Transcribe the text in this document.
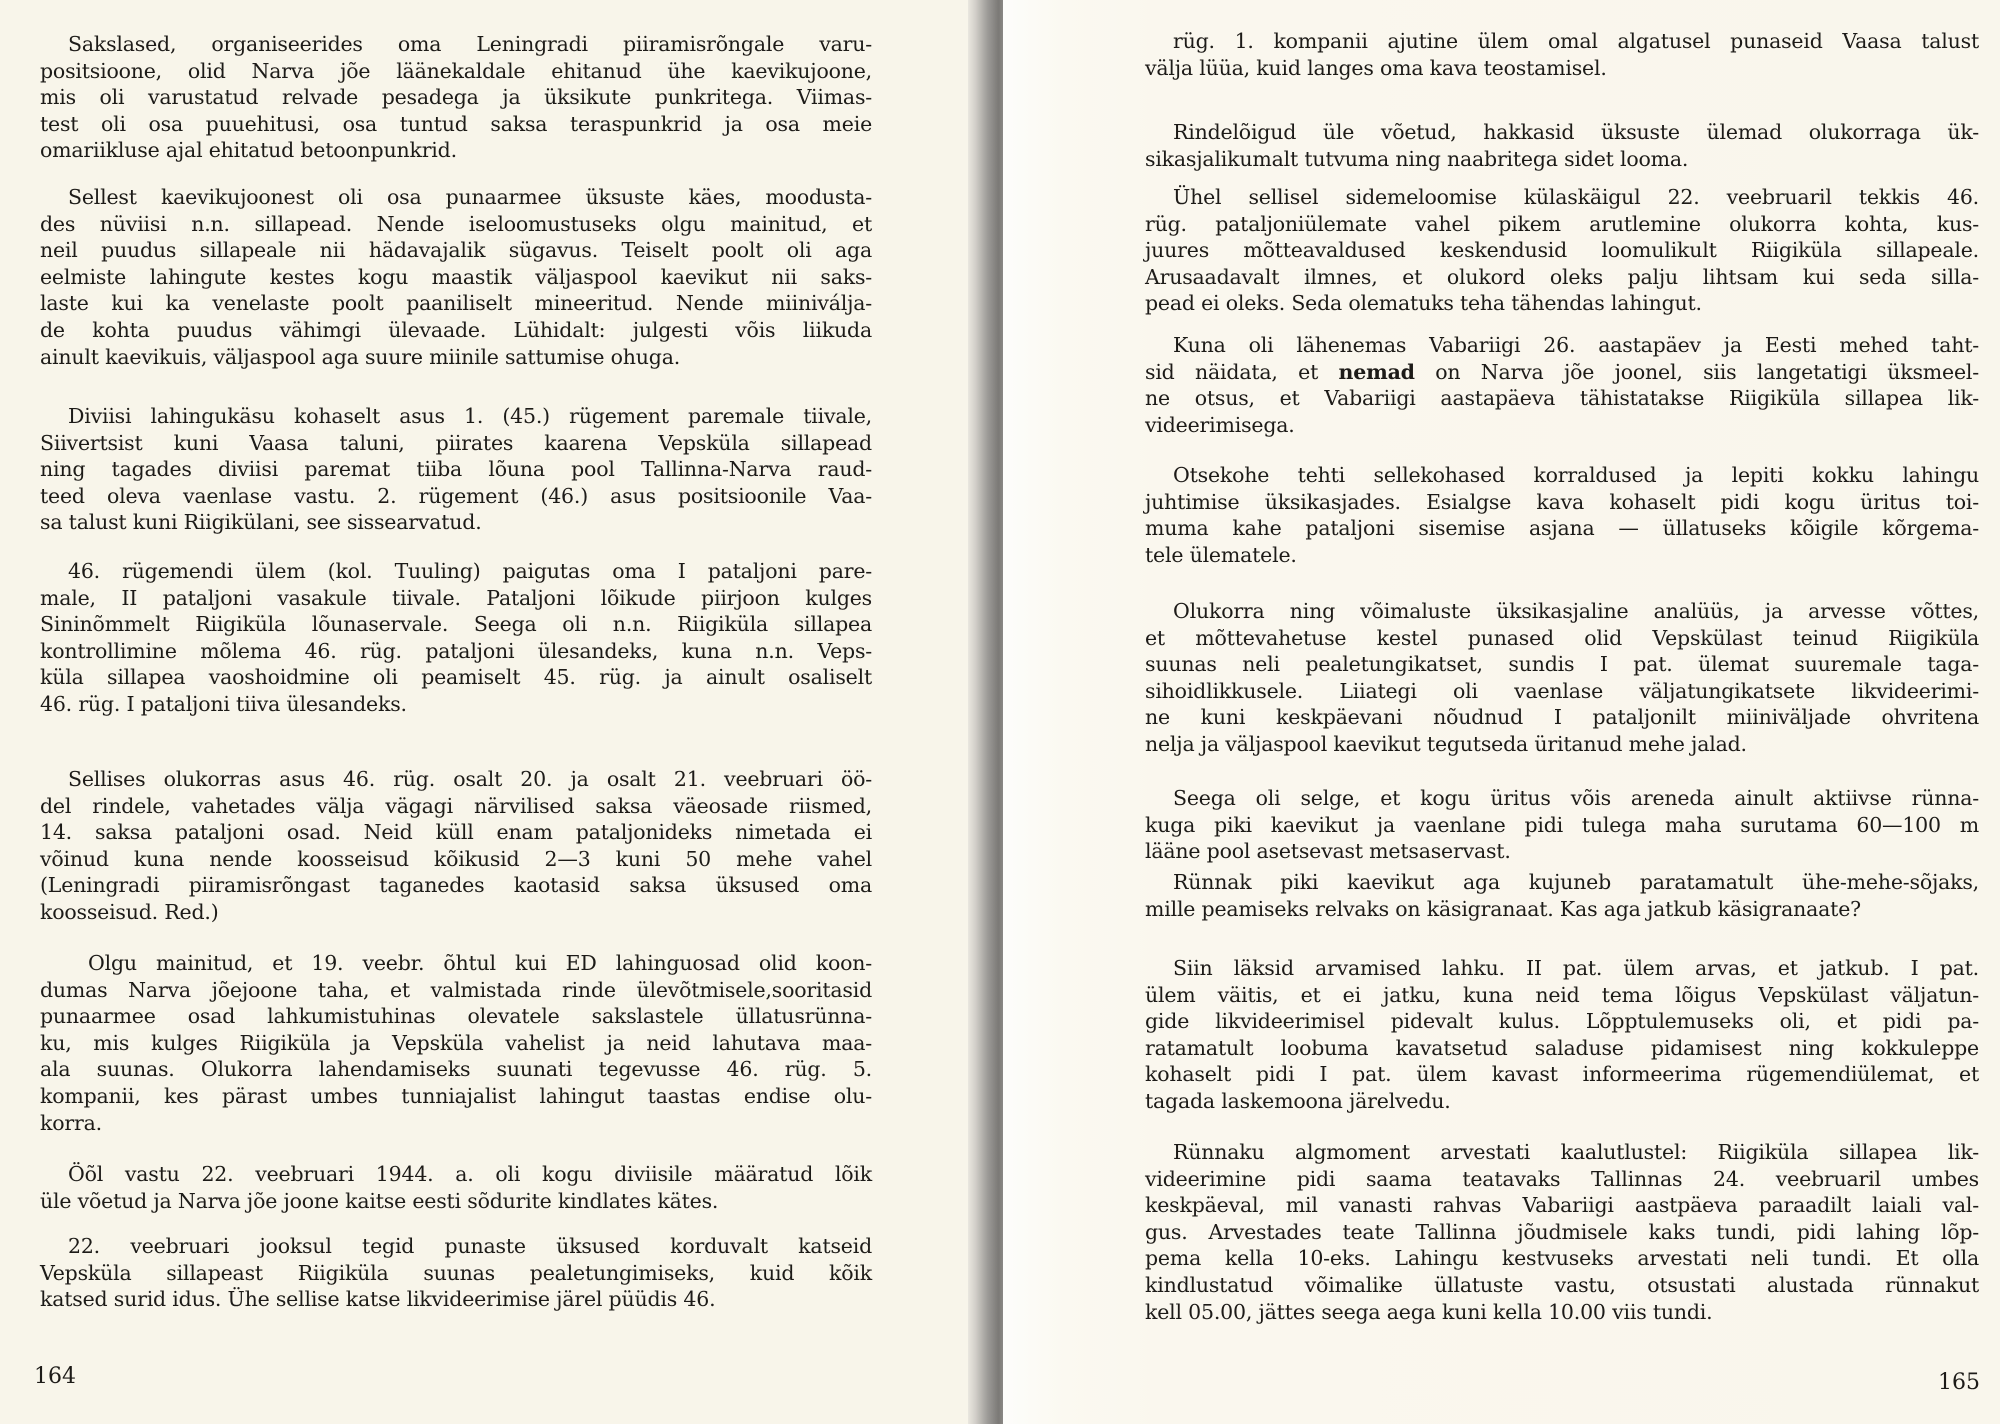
Sakslased, organiseerides oma Leningradi piiramisrõngale varu-
positsioone, olid Narva jõe läänekaldale ehitanud ühe kaevikujoone,
mis oli varustatud relvade pesadega ja üksikute punkritega. Viimas-
test oli osa puuehitusi, osa tuntud saksa teraspunkrid ja osa meie
omariikluse ajal ehitatud betoonpunkrid.
Sellest kaevikujoonest oli osa punaarmee üksuste käes, moodusta-
des nüviisi n.n. sillapead. Nende iseloomustuseks olgu mainitud, et
neil puudus sillapeale nii hädavajalik sügavus. Teiselt poolt oli aga
eelmiste lahingute kestes kogu maastik väljaspool kaevikut nii saks-
laste kui ka venelaste poolt paaniliselt mineeritud. Nende miiniválja-
de kohta puudus vähimgi ülevaade. Lühidalt: julgesti võis liikuda
ainult kaevikuis, väljaspool aga suure miinile sattumise ohuga.
Diviisi lahingukäsu kohaselt asus 1. (45.) rügement paremale tiivale,
Siivertsist kuni Vaasa taluni, piirates kaarena Vepsküla sillapead
ning tagades diviisi paremat tiiba lõuna pool Tallinna-Narva raud-
teed oleva vaenlase vastu. 2. rügement (46.) asus positsioonile Vaa-
sa talust kuni Riigikülani, see sissearvatud.
46. rügemendi ülem (kol. Tuuling) paigutas oma I pataljoni pare-
male, II pataljoni vasakule tiivale. Pataljoni lõikude piirjoon kulges
Sininõmmelt Riigiküla lõunaservale. Seega oli n.n. Riigiküla sillapea
kontrollimine mõlema 46. rüg. pataljoni ülesandeks, kuna n.n. Veps-
küla sillapea vaoshoidmine oli peamiselt 45. rüg. ja ainult osaliselt
46. rüg. I pataljoni tiiva ülesandeks.
Sellises olukorras asus 46. rüg. osalt 20. ja osalt 21. veebruari öö-
del rindele, vahetades välja vägagi närvilised saksa väeosade riismed,
14. saksa pataljoni osad. Neid küll enam pataljonideks nimetada ei
võinud kuna nende koosseisud kõikusid 2—3 kuni 50 mehe vahel
(Leningradi piiramisrõngast taganedes kaotasid saksa üksused oma
koosseisud. Red.)
Olgu mainitud, et 19. veebr. õhtul kui ED lahinguosad olid koon-
dumas Narva jõejoone taha, et valmistada rinde ülevõtmisele,sooritasid
punaarmee osad lahkumistuhinas olevatele sakslastele üllatusrünna-
ku, mis kulges Riigiküla ja Vepsküla vahelist ja neid lahutava maa-
ala suunas. Olukorra lahendamiseks suunati tegevusse 46. rüg. 5.
kompanii, kes pärast umbes tunniajalist lahingut taastas endise olu-
korra.
Öõl vastu 22. veebruari 1944. a. oli kogu diviisile määratud lõik
üle võetud ja Narva jõe joone kaitse eesti sõdurite kindlates kätes.
22. veebruari jooksul tegid punaste üksused korduvalt katseid
Vepsküla sillapeast Riigiküla suunas pealetungimiseks, kuid kõik
katsed surid idus. Ühe sellise katse likvideerimise järel püüdis 46.
164
rüg. 1. kompanii ajutine ülem omal algatusel punaseid Vaasa talust
välja lüüa, kuid langes oma kava teostamisel.
Rindelõigud üle võetud, hakkasid üksuste ülemad olukorraga ük-
sikasjalikumalt tutvuma ning naabritega sidet looma.
Ühel sellisel sidemeloomise külaskäigul 22. veebruaril tekkis 46.
rüg. pataljoniülemate vahel pikem arutlemine olukorra kohta, kus-
juures mõtteavaldused keskendusid loomulikult Riigiküla sillapeale.
Arusaadavalt ilmnes, et olukord oleks palju lihtsam kui seda silla-
pead ei oleks. Seda olematuks teha tähendas lahingut.
Kuna oli lähenemas Vabariigi 26. aastapäev ja Eesti mehed taht-
sid näidata, et nemad on Narva jõe joonel, siis langetatigi üksmeel-
ne otsus, et Vabariigi aastapäeva tähistatakse Riigiküla sillapea lik-
videerimisega.
Otsekohe tehti sellekohased korraldused ja lepiti kokku lahingu
juhtimise üksikasjades. Esialgse kava kohaselt pidi kogu üritus toi-
muma kahe pataljoni sisemise asjana — üllatuseks kõigile kõrgema-
tele ülematele.
Olukorra ning võimaluste üksikasjaline analüüs, ja arvesse võttes,
et mõttevahetuse kestel punased olid Vepskülast teinud Riigiküla
suunas neli pealetungikatset, sundis I pat. ülemat suuremale taga-
sihoidlikkusele. Liiategi oli vaenlase väljatungikatsete likvideerimi-
ne kuni keskpäevani nõudnud I pataljonilt miiniväljade ohvritena
nelja ja väljaspool kaevikut tegutseda üritanud mehe jalad.
Seega oli selge, et kogu üritus võis areneda ainult aktiivse rünna-
kuga piki kaevikut ja vaenlane pidi tulega maha surutama 60—100 m
lääne pool asetsevast metsaservast.
Rünnak piki kaevikut aga kujuneb paratamatult ühe-mehe-sõjaks,
mille peamiseks relvaks on käsigranaat. Kas aga jatkub käsigranaate?
Siin läksid arvamised lahku. II pat. ülem arvas, et jatkub. I pat.
ülem väitis, et ei jatku, kuna neid tema lõigus Vepskülast väljatun-
gide likvideerimisel pidevalt kulus. Lõpptulemuseks oli, et pidi pa-
ratamatult loobuma kavatsetud saladuse pidamisest ning kokkuleppe
kohaselt pidi I pat. ülem kavast informeerima rügemendiülemat, et
tagada laskemoona järelvedu.
Rünnaku algmoment arvestati kaalutlustel: Riigiküla sillapea lik-
videerimine pidi saama teatavaks Tallinnas 24. veebruaril umbes
keskpäeval, mil vanasti rahvas Vabariigi aastpäeva paraadilt laiali val-
gus. Arvestades teate Tallinna jõudmisele kaks tundi, pidi lahing lõp-
pema kella 10-eks. Lahingu kestvuseks arvestati neli tundi. Et olla
kindlustatud võimalike üllatuste vastu, otsustati alustada rünnakut
kell 05.00, jättes seega aega kuni kella 10.00 viis tundi.
165
